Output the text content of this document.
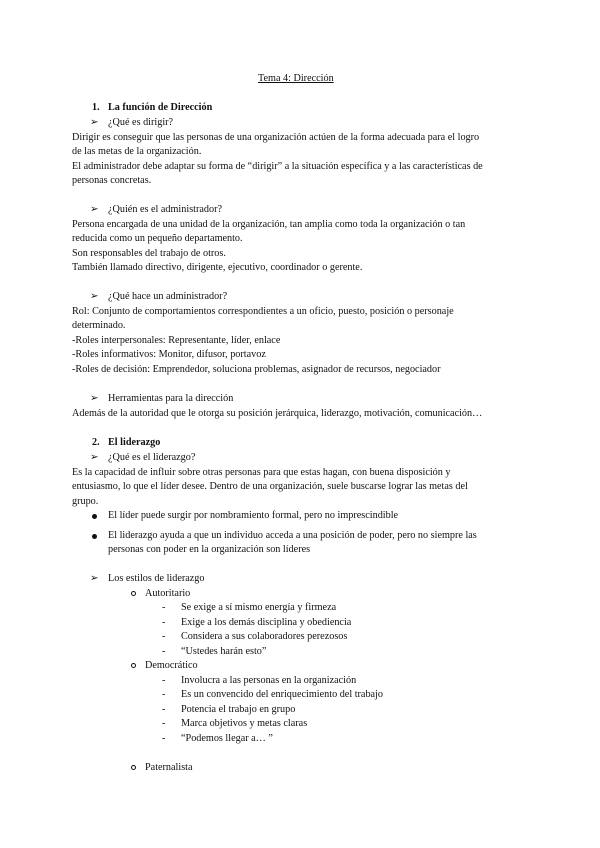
Tema 4: Dirección
1. La función de Dirección
➢ ¿Qué es dirigir?
Dirigir es conseguir que las personas de una organización actúen de la forma adecuada para el logro
de las metas de la organización.
El administrador debe adaptar su forma de “dirigir” a la situación específica y a las características de
personas concretas.
➢ ¿Quién es el administrador?
Persona encargada de una unidad de la organización, tan amplia como toda la organización o tan
reducida como un pequeño departamento.
Son responsables del trabajo de otros.
También llamado directivo, dirigente, ejecutivo, coordinador o gerente.
➢ ¿Qué hace un administrador?
Rol: Conjunto de comportamientos correspondientes a un oficio, puesto, posición o personaje
determinado.
-Roles interpersonales: Representante, líder, enlace
-Roles informativos: Monitor, difusor, portavoz
-Roles de decisión: Emprendedor, soluciona problemas, asignador de recursos, negociador
➢ Herramientas para la dirección
Además de la autoridad que le otorga su posición jerárquica, liderazgo, motivación, comunicación…
2. El liderazgo
➢ ¿Qué es el liderazgo?
Es la capacidad de influir sobre otras personas para que estas hagan, con buena disposición y
entusiasmo, lo que el líder desee. Dentro de una organización, suele buscarse lograr las metas del
grupo.
El líder puede surgir por nombramiento formal, pero no imprescindible
El liderazgo ayuda a que un individuo acceda a una posición de poder, pero no siempre las
personas con poder en la organización son líderes
➢ Los estilos de liderazgo
Autoritario
- Se exige a sí mismo energía y firmeza
- Exige a los demás disciplina y obediencia
- Considera a sus colaboradores perezosos
- “Ustedes harán esto”
Democrático
- Involucra a las personas en la organización
- Es un convencido del enriquecimiento del trabajo
- Potencia el trabajo en grupo
- Marca objetivos y metas claras
- “Podemos llegar a… ”
Paternalista
